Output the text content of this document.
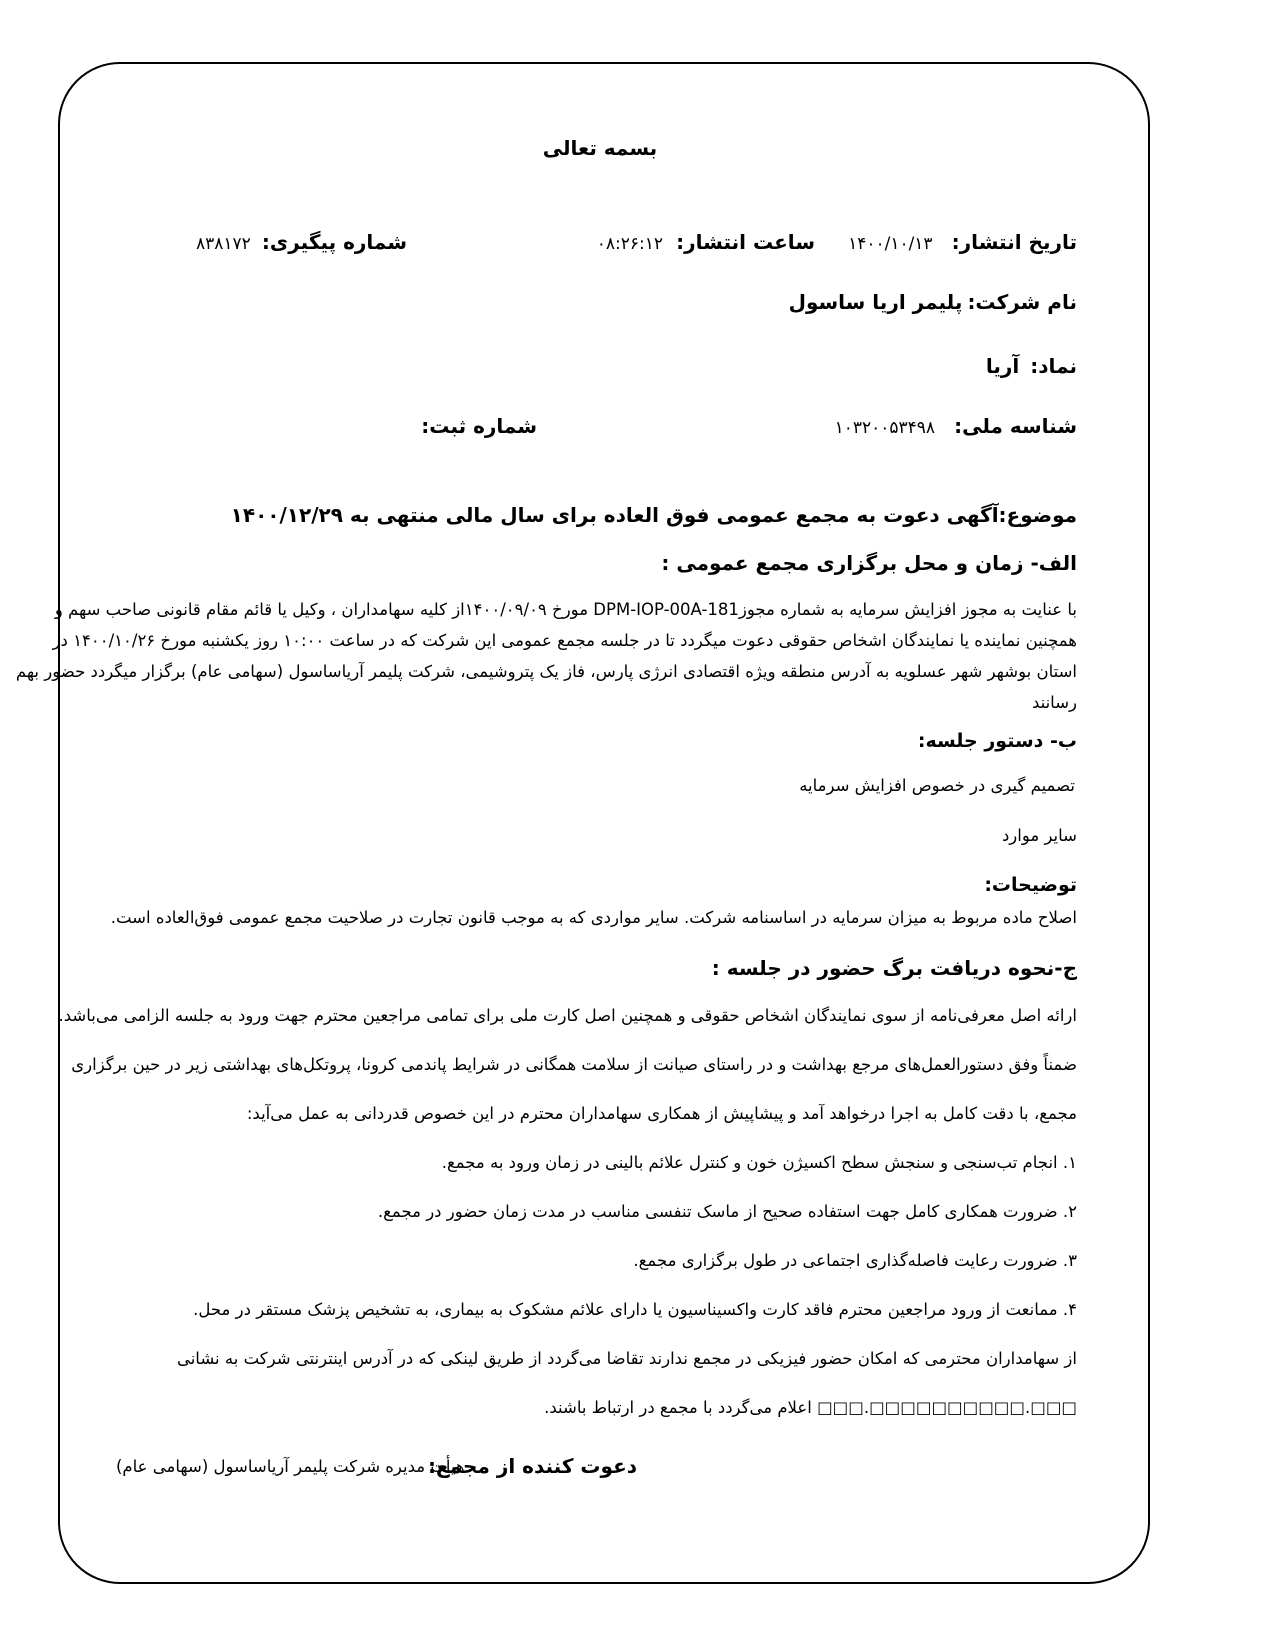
بسمه تعالی
تاریخ انتشار: ۱۴۰۰/۱۰/۱۳
ساعت انتشار: ۰۸:۲۶:۱۲
شماره پیگیری: ۸۳۸۱۷۲
نام شرکت: پلیمر اریا ساسول
نماد: آریا
شناسه ملی: ۱۰۳۲۰۰۵۳۴۹۸
شماره ثبت:
موضوع:آگهی دعوت به مجمع عمومی فوق العاده برای سال مالی منتهی به ۱۴۰۰/۱۲/۲۹
الف- زمان و محل برگزاری مجمع عمومی :

با عنایت به مجوز افزایش سرمایه به شماره مجوزDPM-IOP-00A-181 مورخ ۱۴۰۰/۰۹/۰۹از کلیه سهامداران ، وکیل یا قائم مقام قانونی صاحب سهم و

همچنین نماینده یا نمایندگان اشخاص حقوقی دعوت میگردد تا در جلسه مجمع عمومی این شرکت که در ساعت ۱۰:۰۰ روز یکشنبه مورخ ۱۴۰۰/۱۰/۲۶ در

استان بوشهر شهر عسلویه به آدرس منطقه ویژه اقتصادی انرژی پارس، فاز یک پتروشیمی، شرکت پلیمر آریاساسول (سهامی عام) برگزار میگردد حضور بهم

رسانند

ب- دستور جلسه:
تصمیم گیری در خصوص افزایش سرمایه
سایر موارد
توضیحات:
اصلاح ماده مربوط به میزان سرمایه در اساسنامه شرکت. سایر مواردی که به موجب قانون تجارت در صلاحیت مجمع عمومی فوق‌العاده است.
ج-نحوه دریافت برگ حضور در جلسه :
ارائه اصل معرفی‌نامه از سوی نمایندگان اشخاص حقوقی و همچنین اصل کارت ملی برای تمامی مراجعین محترم جهت ورود به جلسه الزامی می‌باشد.
ضمناً وفق دستورالعمل‌های مرجع بهداشت و در راستای صیانت از سلامت همگانی در شرایط پاندمی کرونا، پروتکل‌های بهداشتی زیر در حین برگزاری
مجمع، با دقت کامل به اجرا درخواهد آمد و پیشاپیش از همکاری سهامداران محترم در این خصوص قدردانی به عمل می‌آید:
۱. انجام تب‌سنجی و سنجش سطح اکسیژن خون و کنترل علائم بالینی در زمان ورود به مجمع.
۲. ضرورت همکاری کامل جهت استفاده صحیح از ماسک تنفسی مناسب در مدت زمان حضور در مجمع.
۳. ضرورت رعایت فاصله‌گذاری اجتماعی در طول برگزاری مجمع.
۴. ممانعت از ورود مراجعین محترم فاقد کارت واکسیناسیون یا دارای علائم مشکوک به بیماری، به تشخیص پزشک مستقر در محل.
از سهامداران محترمی که امکان حضور فیزیکی در مجمع ندارند تقاضا می‌گردد از طریق لینکی که در آدرس اینترنتی شرکت به نشانی
□□□.□□□□□□□□□□.□□□ اعلام می‌گردد با مجمع در ارتباط باشند.
دعوت کننده از مجمع:
هیأت مدیره شرکت پلیمر آریاساسول (سهامی عام)
